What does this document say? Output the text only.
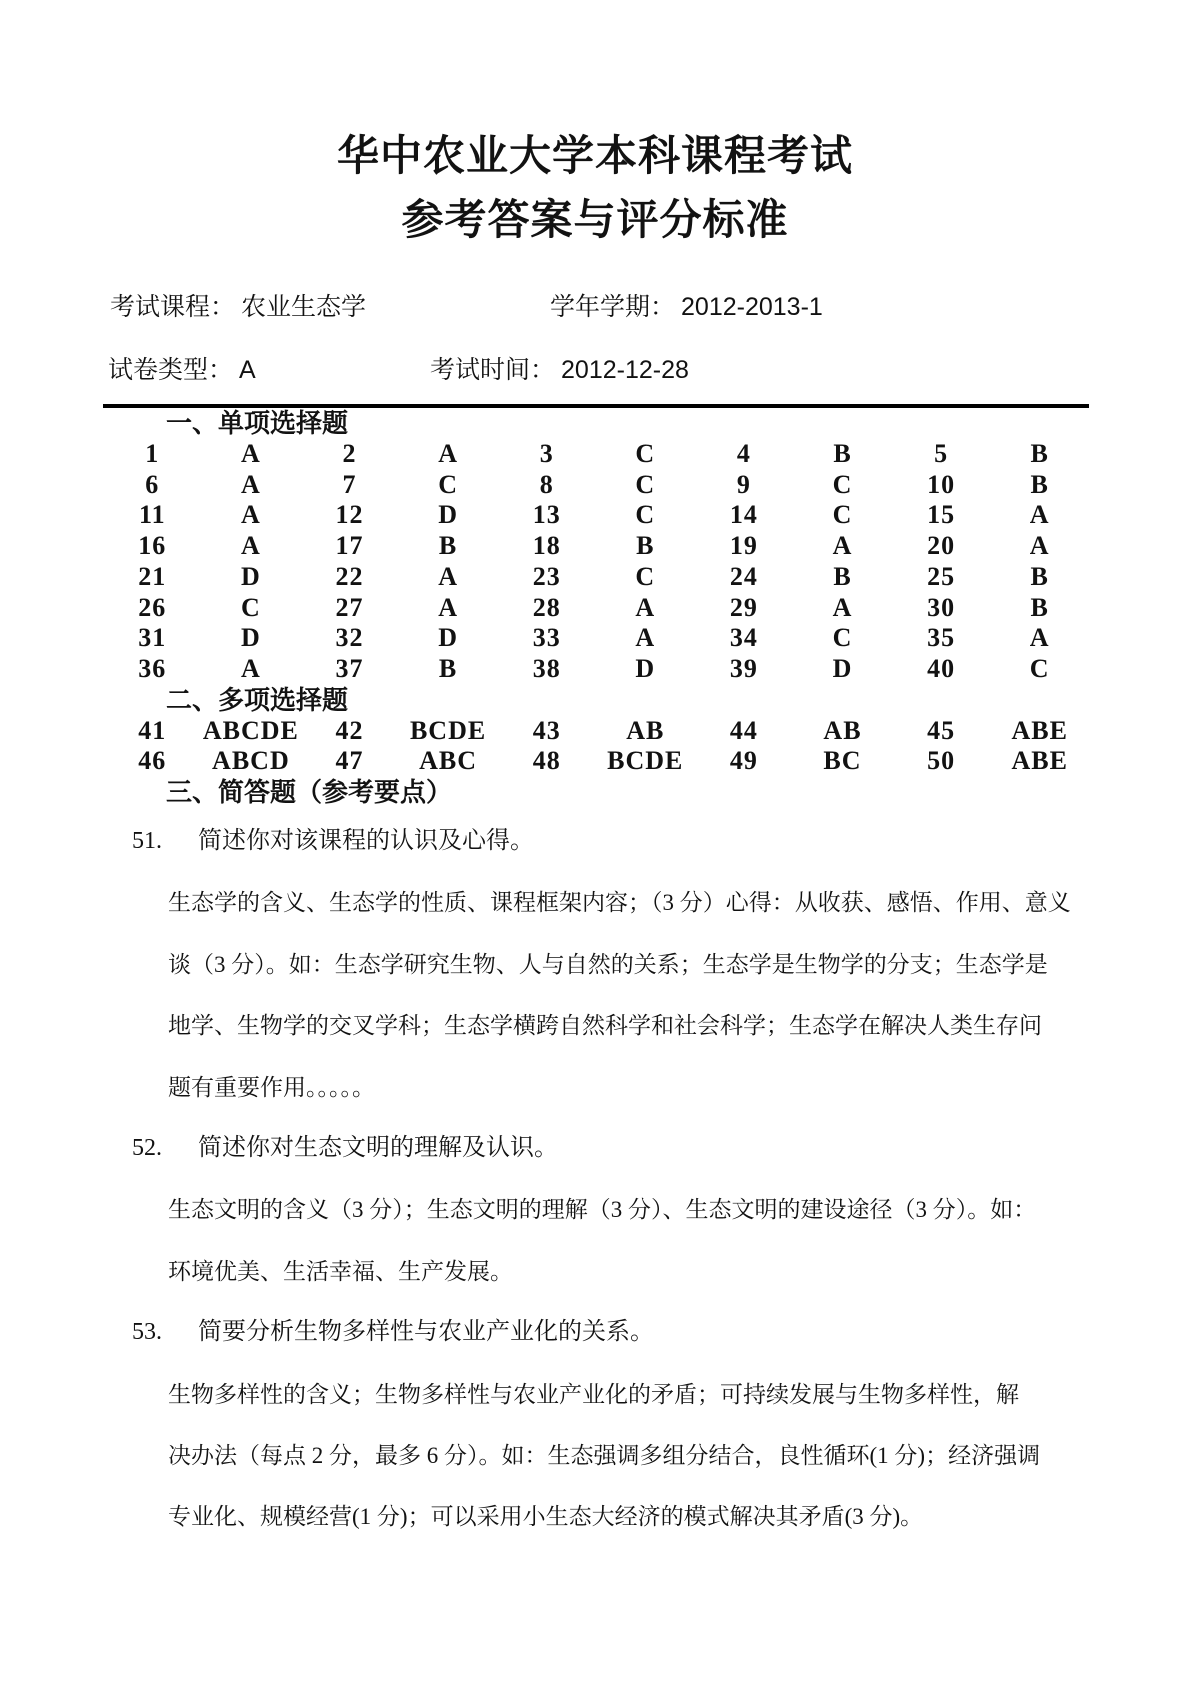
华中农业大学本科课程考试
参考答案与评分标准
考试课程： 农业生态学	学年学期： 2012-2013-1
试卷类型： A	考试时间： 2012-12-28
一、单项选择题
1	A	2	A	3	C	4	B	5	B
6	A	7	C	8	C	9	C	10	B
11	A	12	D	13	C	14	C	15	A
16	A	17	B	18	B	19	A	20	A
21	D	22	A	23	C	24	B	25	B
26	C	27	A	28	A	29	A	30	B
31	D	32	D	33	A	34	C	35	A
36	A	37	B	38	D	39	D	40	C
二、多项选择题
41	ABCDE	42	BCDE	43	AB	44	AB	45	ABE
46	ABCD	47	ABC	48	BCDE	49	BC	50	ABE
三、简答题（参考要点）
51. 简述你对该课程的认识及心得。
生态学的含义、生态学的性质、课程框架内容；（3 分）心得：从收获、感悟、作用、意义
谈（3 分）。如：生态学研究生物、人与自然的关系；生态学是生物学的分支；生态学是
地学、生物学的交叉学科；生态学横跨自然科学和社会科学；生态学在解决人类生存问
题有重要作用。。。。。
52. 简述你对生态文明的理解及认识。
生态文明的含义（3 分）；生态文明的理解（3 分）、生态文明的建设途径（3 分）。如：
环境优美、生活幸福、生产发展。
53. 简要分析生物多样性与农业产业化的关系。
生物多样性的含义；生物多样性与农业产业化的矛盾；可持续发展与生物多样性，解
决办法（每点 2 分，最多 6 分）。如：生态强调多组分结合，良性循环(1 分)；经济强调
专业化、规模经营(1 分)；可以采用小生态大经济的模式解决其矛盾(3 分)。
